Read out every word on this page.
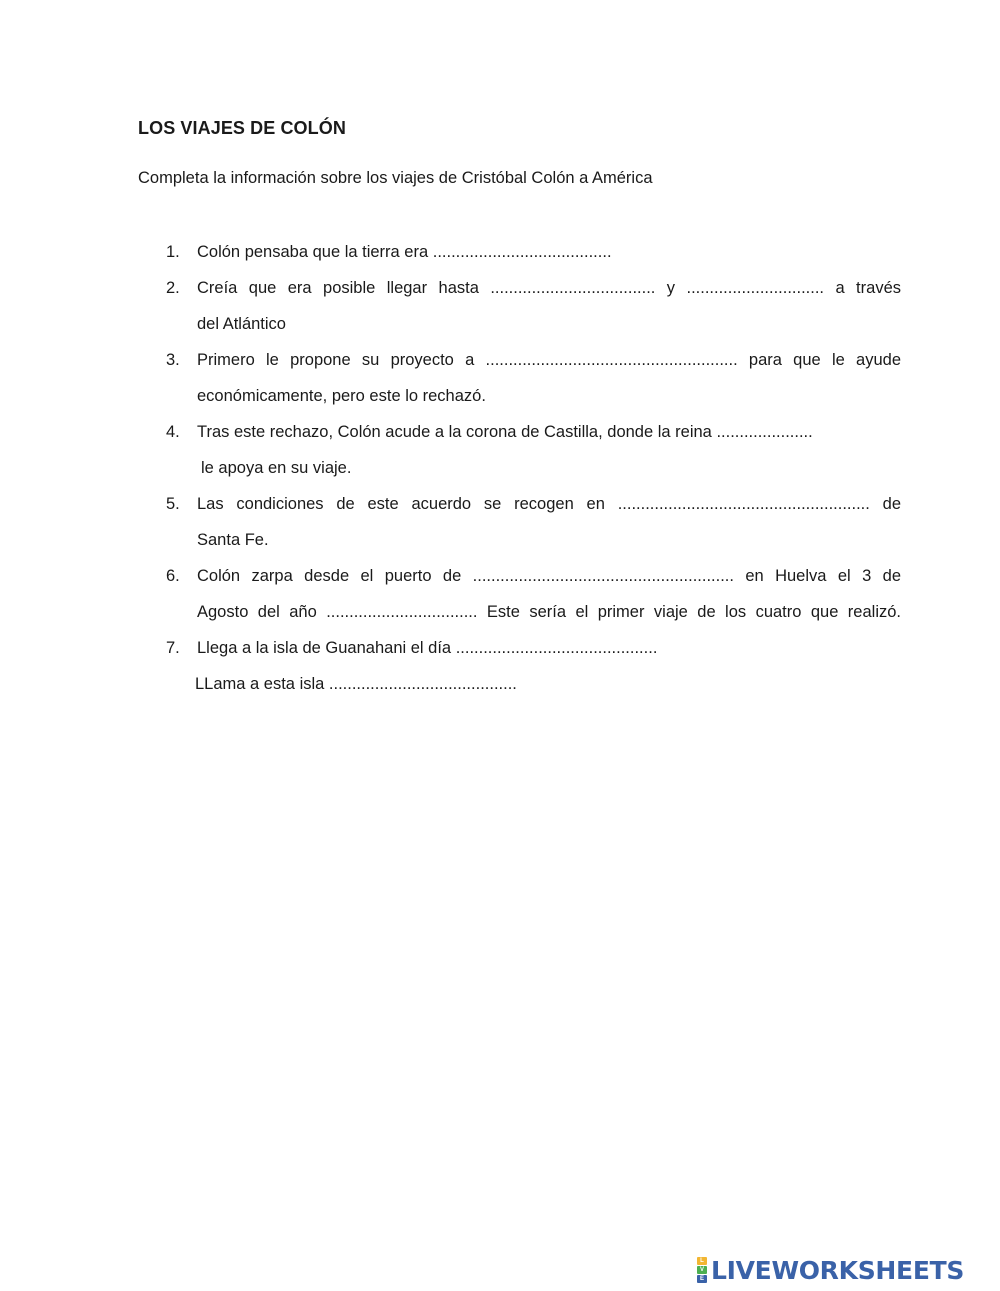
LOS VIAJES DE COLÓN
Completa la información sobre los viajes de Cristóbal Colón a América
1. Colón pensaba que la tierra era .......................................
2. Creía que era posible llegar hasta .................................... y .............................. a través
del Atlántico
3. Primero le propone su proyecto a ....................................................... para que le ayude
económicamente, pero este lo rechazó.
4. Tras este rechazo, Colón acude a la corona de Castilla, donde la reina .....................
le apoya en su viaje.
5. Las condiciones de este acuerdo se recogen en ....................................................... de
Santa Fe.
6. Colón zarpa desde el puerto de ......................................................... en Huelva el 3 de
Agosto del año ................................. Este sería el primer viaje de los cuatro que realizó.
7. Llega a la isla de Guanahani el día ............................................
LLama a esta isla .........................................
L
V
E LIVEWORKSHEETS
